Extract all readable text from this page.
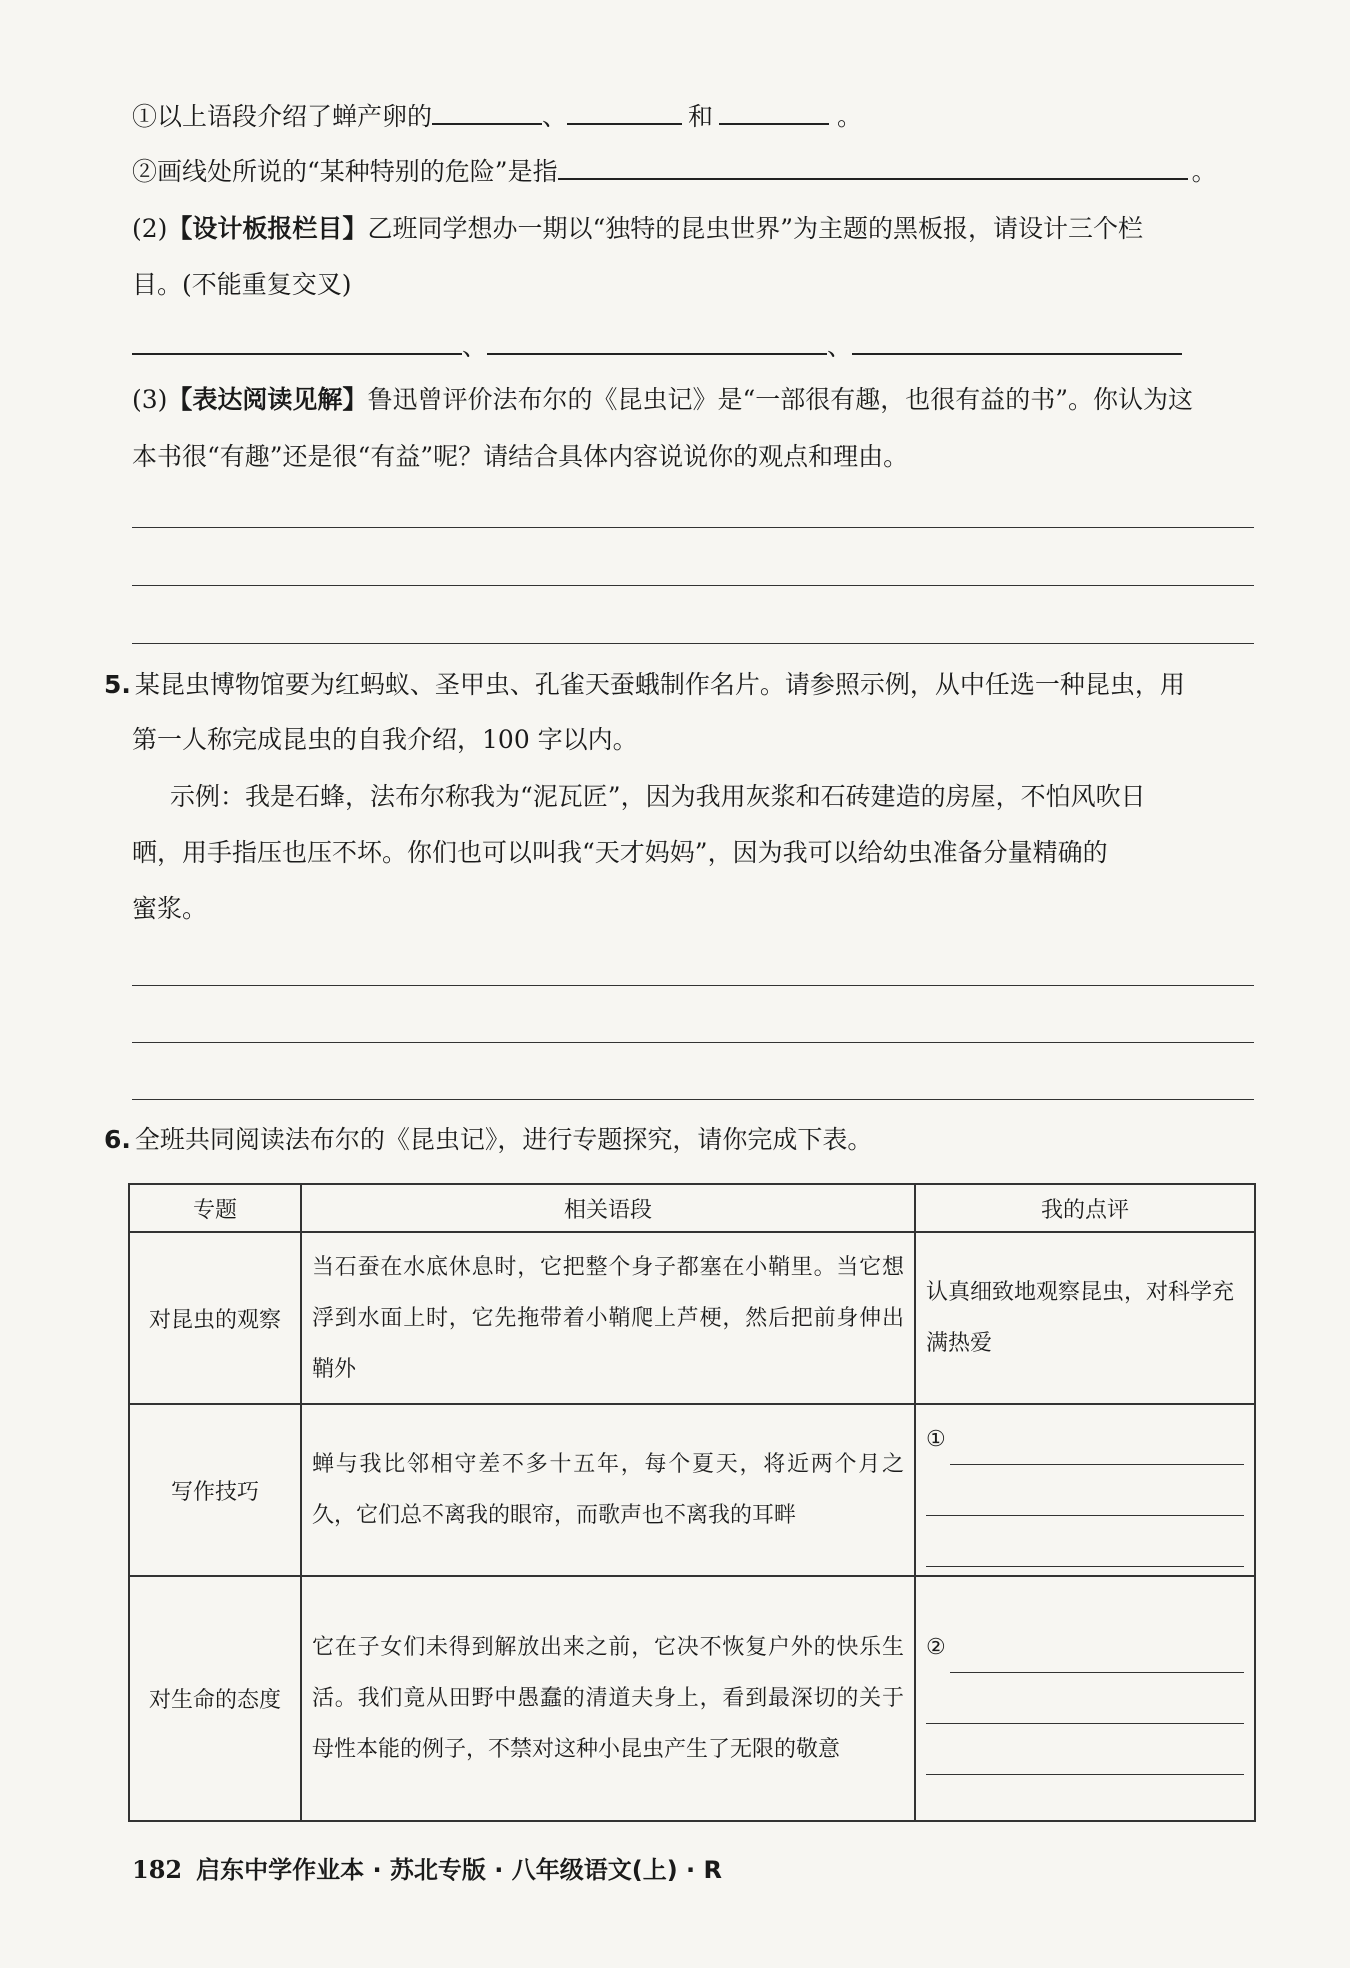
①以上语段介绍了蝉产卵的	、	和	。
②画线处所说的“某种特别的危险”是指	。
(2)【设计板报栏目】乙班同学想办一期以“独特的昆虫世界”为主题的黑板报，请设计三个栏
目。(不能重复交叉)
、	、
(3)【表达阅读见解】鲁迅曾评价法布尔的《昆虫记》是“一部很有趣，也很有益的书”。你认为这
本书很“有趣”还是很“有益”呢？请结合具体内容说说你的观点和理由。
5. 某昆虫博物馆要为红蚂蚁、圣甲虫、孔雀天蚕蛾制作名片。请参照示例，从中任选一种昆虫，用
第一人称完成昆虫的自我介绍，100 字以内。
示例：我是石蜂，法布尔称我为“泥瓦匠”，因为我用灰浆和石砖建造的房屋，不怕风吹日
晒，用手指压也压不坏。你们也可以叫我“天才妈妈”，因为我可以给幼虫准备分量精确的
蜜浆。
6. 全班共同阅读法布尔的《昆虫记》，进行专题探究，请你完成下表。
专题	相关语段	我的点评
对昆虫的观察	当石蚕在水底休息时，它把整个身子都塞在小鞘里。当它想浮到水面上时，它先拖带着小鞘爬上芦梗，然后把前身伸出鞘外	认真细致地观察昆虫，对科学充满热爱
写作技巧	蝉与我比邻相守差不多十五年，每个夏天，将近两个月之久，它们总不离我的眼帘，而歌声也不离我的耳畔	①

对生命的态度	它在子女们未得到解放出来之前，它决不恢复户外的快乐生活。我们竟从田野中愚蠢的清道夫身上，看到最深切的关于母性本能的例子，不禁对这种小昆虫产生了无限的敬意	②
182 启东中学作业本 · 苏北专版 · 八年级语文(上) · R
